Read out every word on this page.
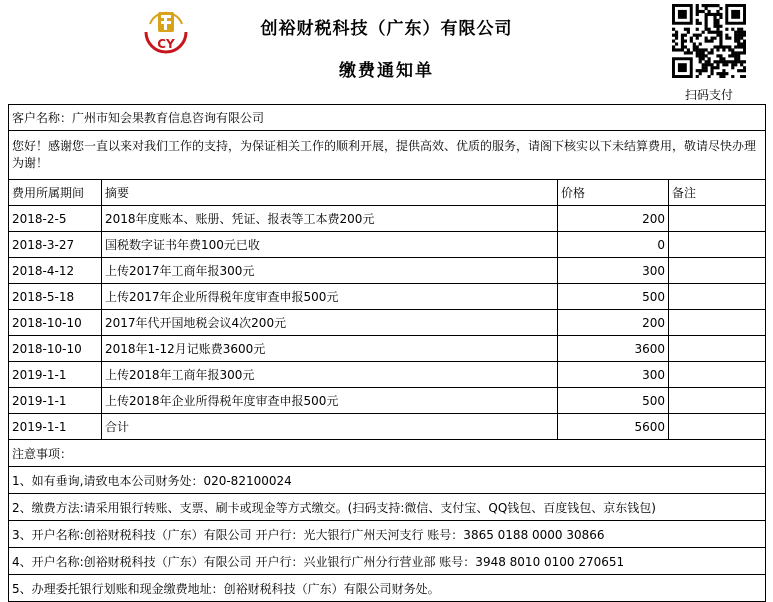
CY
创裕财税科技（广东）有限公司
缴费通知单
扫码支付
客户名称：广州市知会果教育信息咨询有限公司			
您好！感谢您一直以来对我们工作的支持，为保证相关工作的顺利开展，提供高效、优质的服务，请阁下核实以下未结算费用，敬请尽快办理为谢！			
费用所属期间	摘要	价格	备注
2018-2-5	2018年度账本、账册、凭证、报表等工本费200元	200	
2018-3-27	国税数字证书年费100元已收	0	
2018-4-12	上传2017年工商年报300元	300	
2018-5-18	上传2017年企业所得税年度审查申报500元	500	
2018-10-10	2017年代开国地税会议4次200元	200	
2018-10-10	2018年1-12月记账费3600元	3600	
2019-1-1	上传2018年工商年报300元	300	
2019-1-1	上传2018年企业所得税年度审查申报500元	500	
2019-1-1	合计	5600	
注意事项：			
1、如有垂询,请致电本公司财务处：020-82100024			
2、缴费方法:请采用银行转账、支票、刷卡或现金等方式缴交。(扫码支持:微信、支付宝、QQ钱包、百度钱包、京东钱包)			
3、开户名称:创裕财税科技（广东）有限公司 开户行：光大银行广州天河支行 账号：3865 0188 0000 30866			
4、开户名称:创裕财税科技（广东）有限公司 开户行：兴业银行广州分行营业部 账号：3948 8010 0100 270651			
5、办理委托银行划账和现金缴费地址：创裕财税科技（广东）有限公司财务处。			
